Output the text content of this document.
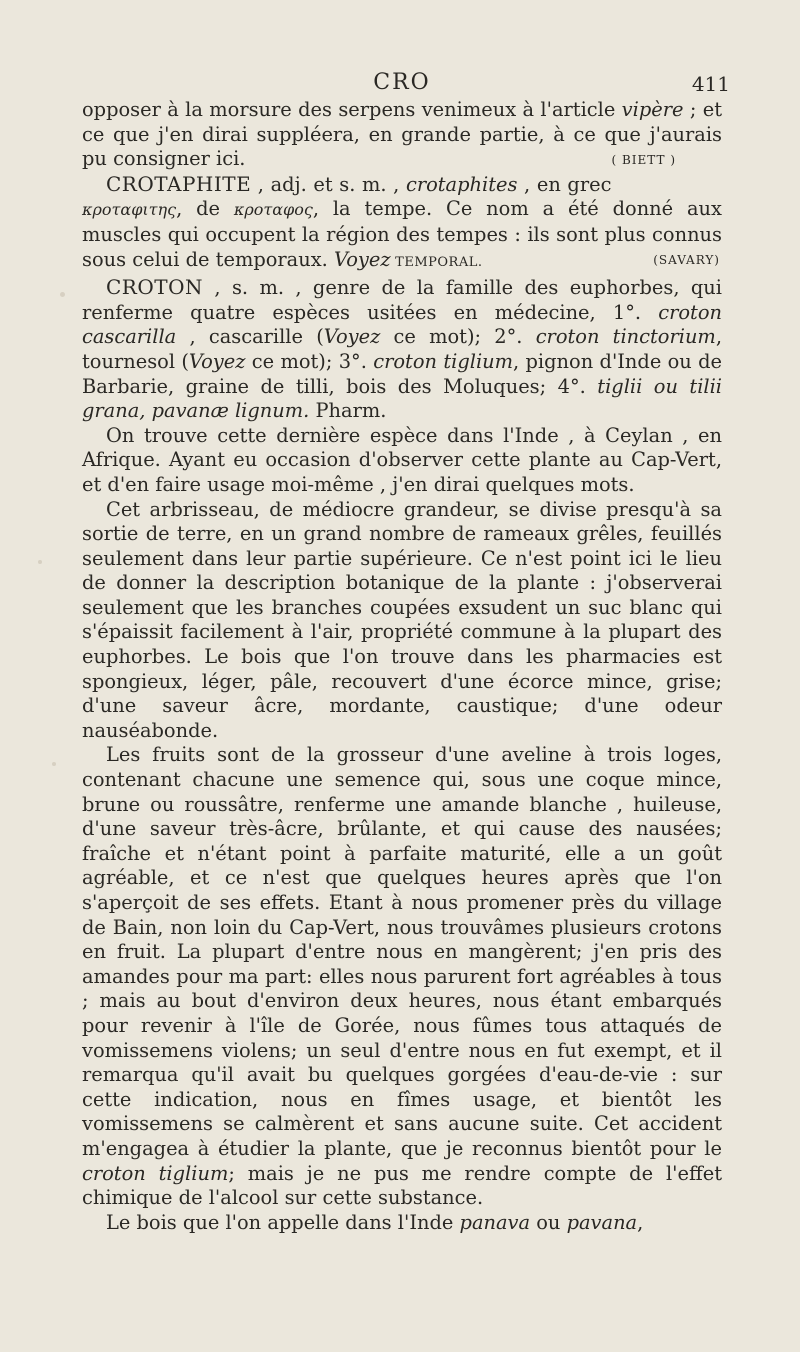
CRO	411

opposer à la morsure des serpens venimeux à l'article vipère ; et ce que j'en dirai suppléera, en grande partie, à ce que j'aurais pu consigner ici.	( BIETT )

CROTAPHITE , adj. et s. m. , crotaphites , en grec κροταφιτης, de κροταφος, la tempe. Ce nom a été donné aux muscles qui occupent la région des tempes : ils sont plus connus sous celui de temporaux. Voyez TEMPORAL.	(SAVARY)

CROTON , s. m. , genre de la famille des euphorbes, qui renferme quatre espèces usitées en médecine, 1°. croton cascarilla , cascarille (Voyez ce mot); 2°. croton tinctorium, tournesol (Voyez ce mot); 3°. croton tiglium, pignon d'Inde ou de Barbarie, graine de tilli, bois des Moluques; 4°. tiglii ou tilii grana, pavanæ lignum. Pharm.

On trouve cette dernière espèce dans l'Inde , à Ceylan , en Afrique. Ayant eu occasion d'observer cette plante au Cap-Vert, et d'en faire usage moi-même , j'en dirai quelques mots.

Cet arbrisseau, de médiocre grandeur, se divise presqu'à sa sortie de terre, en un grand nombre de rameaux grêles, feuillés seulement dans leur partie supérieure. Ce n'est point ici le lieu de donner la description botanique de la plante : j'observerai seulement que les branches coupées exsudent un suc blanc qui s'épaissit facilement à l'air, propriété commune à la plupart des euphorbes. Le bois que l'on trouve dans les pharmacies est spongieux, léger, pâle, recouvert d'une écorce mince, grise; d'une saveur âcre, mordante, caustique; d'une odeur nauséabonde.

Les fruits sont de la grosseur d'une aveline à trois loges, contenant chacune une semence qui, sous une coque mince, brune ou roussâtre, renferme une amande blanche , huileuse, d'une saveur très-âcre, brûlante, et qui cause des nausées; fraîche et n'étant point à parfaite maturité, elle a un goût agréable, et ce n'est que quelques heures après que l'on s'aperçoit de ses effets. Etant à nous promener près du village de Bain, non loin du Cap-Vert, nous trouvâmes plusieurs crotons en fruit. La plupart d'entre nous en mangèrent; j'en pris des amandes pour ma part: elles nous parurent fort agréables à tous ; mais au bout d'environ deux heures, nous étant embarqués pour revenir à l'île de Gorée, nous fûmes tous attaqués de vomissemens violens; un seul d'entre nous en fut exempt, et il remarqua qu'il avait bu quelques gorgées d'eau-de-vie : sur cette indication, nous en fîmes usage, et bientôt les vomissemens se calmèrent et sans aucune suite. Cet accident m'engagea à étudier la plante, que je reconnus bientôt pour le croton tiglium; mais je ne pus me rendre compte de l'effet chimique de l'alcool sur cette substance.

Le bois que l'on appelle dans l'Inde panava ou pavana,
